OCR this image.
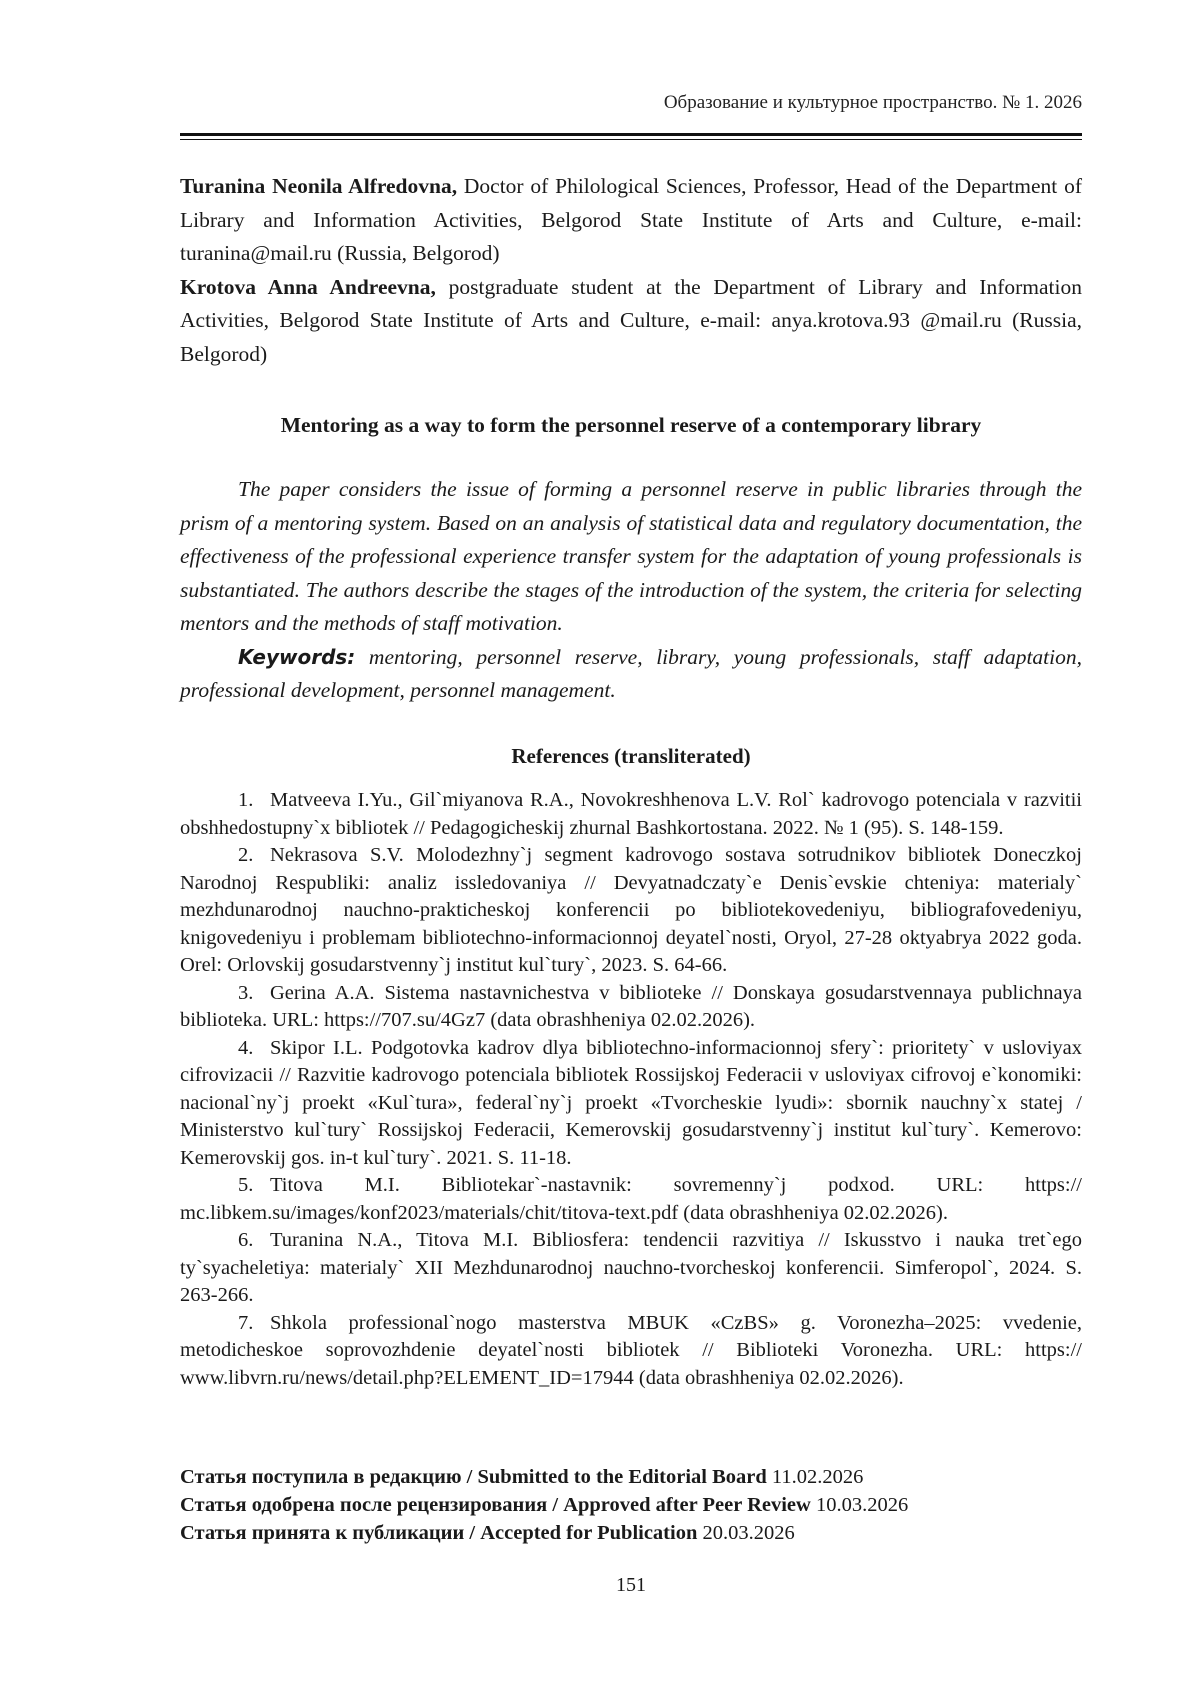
Образование и культурное пространство. № 1. 2026

Turanina Neonila Alfredovna, Doctor of Philological Sciences, Professor, Head of the Department of Library and Information Activities, Belgorod State Institute of Arts and Culture, e-mail: turanina@mail.ru (Russia, Belgorod)

Krotova Anna Andreevna, postgraduate student at the Department of Library and Information Activities, Belgorod State Institute of Arts and Culture, e-mail: anya.krotova.93 @mail.ru (Russia, Belgorod)

Mentoring as a way to form the personnel reserve of a contemporary library

The paper considers the issue of forming a personnel reserve in public libraries through the prism of a mentoring system. Based on an analysis of statistical data and regulatory documentation, the effectiveness of the professional experience transfer system for the adaptation of young professionals is substantiated. The authors describe the stages of the introduction of the system, the criteria for selecting mentors and the methods of staff motivation.

Keywords: mentoring, personnel reserve, library, young professionals, staff adaptation, professional development, personnel management.

References (transliterated)

1. Matveeva I.Yu., Gil`miyanova R.A., Novokreshhenova L.V. Rol` kadrovogo potenciala v razvitii obshhedostupny`x bibliotek // Pedagogicheskij zhurnal Bashkortostana. 2022. № 1 (95). S. 148-159.

2. Nekrasova S.V. Molodezhny`j segment kadrovogo sostava sotrudnikov bibliotek Doneczkoj Narodnoj Respubliki: analiz issledovaniya // Devyatnadczaty`e Denis`evskie chteniya: materialy` mezhdunarodnoj nauchno-prakticheskoj konferencii po bibliotekovedeniyu, bibliografovedeniyu, knigovedeniyu i problemam bibliotechno-informacionnoj deyatel`nosti, Oryol, 27-28 oktyabrya 2022 goda. Orel: Orlovskij gosudarstvenny`j institut kul`tury`, 2023. S. 64-66.

3. Gerina A.A. Sistema nastavnichestva v biblioteke // Donskaya gosudarstvennaya publichnaya biblioteka. URL: https://707.su/4Gz7 (data obrashheniya 02.02.2026).

4. Skipor I.L. Podgotovka kadrov dlya bibliotechno-informacionnoj sfery`: prioritety` v usloviyax cifrovizacii // Razvitie kadrovogo potenciala bibliotek Rossijskoj Federacii v usloviyax cifrovoj e`konomiki: nacional`ny`j proekt «Kul`tura», federal`ny`j proekt «Tvorcheskie lyudi»: sbornik nauchny`x statej / Ministerstvo kul`tury` Rossijskoj Federacii, Kemerovskij gosudarstvenny`j institut kul`tury`. Kemerovo: Kemerovskij gos. in-t kul`tury`. 2021. S. 11-18.

5. Titova M.I. Bibliotekar`-nastavnik: sovremenny`j podxod. URL: https:// mc.libkem.su/images/konf2023/materials/chit/titova-text.pdf (data obrashheniya 02.02.2026).

6. Turanina N.A., Titova M.I. Bibliosfera: tendencii razvitiya // Iskusstvo i nauka tret`ego ty`syacheletiya: materialy` XII Mezhdunarodnoj nauchno-tvorcheskoj konferencii. Simferopol`, 2024. S. 263-266.

7. Shkola professional`nogo masterstva MBUK «CzBS» g. Voronezha–2025: vvedenie, metodicheskoe soprovozhdenie deyatel`nosti bibliotek // Biblioteki Voronezha. URL: https:// www.libvrn.ru/news/detail.php?ELEMENT_ID=17944 (data obrashheniya 02.02.2026).

Статья поступила в редакцию / Submitted to the Editorial Board 11.02.2026

Статья одобрена после рецензирования / Approved after Peer Review 10.03.2026

Статья принята к публикации / Accepted for Publication 20.03.2026

151
